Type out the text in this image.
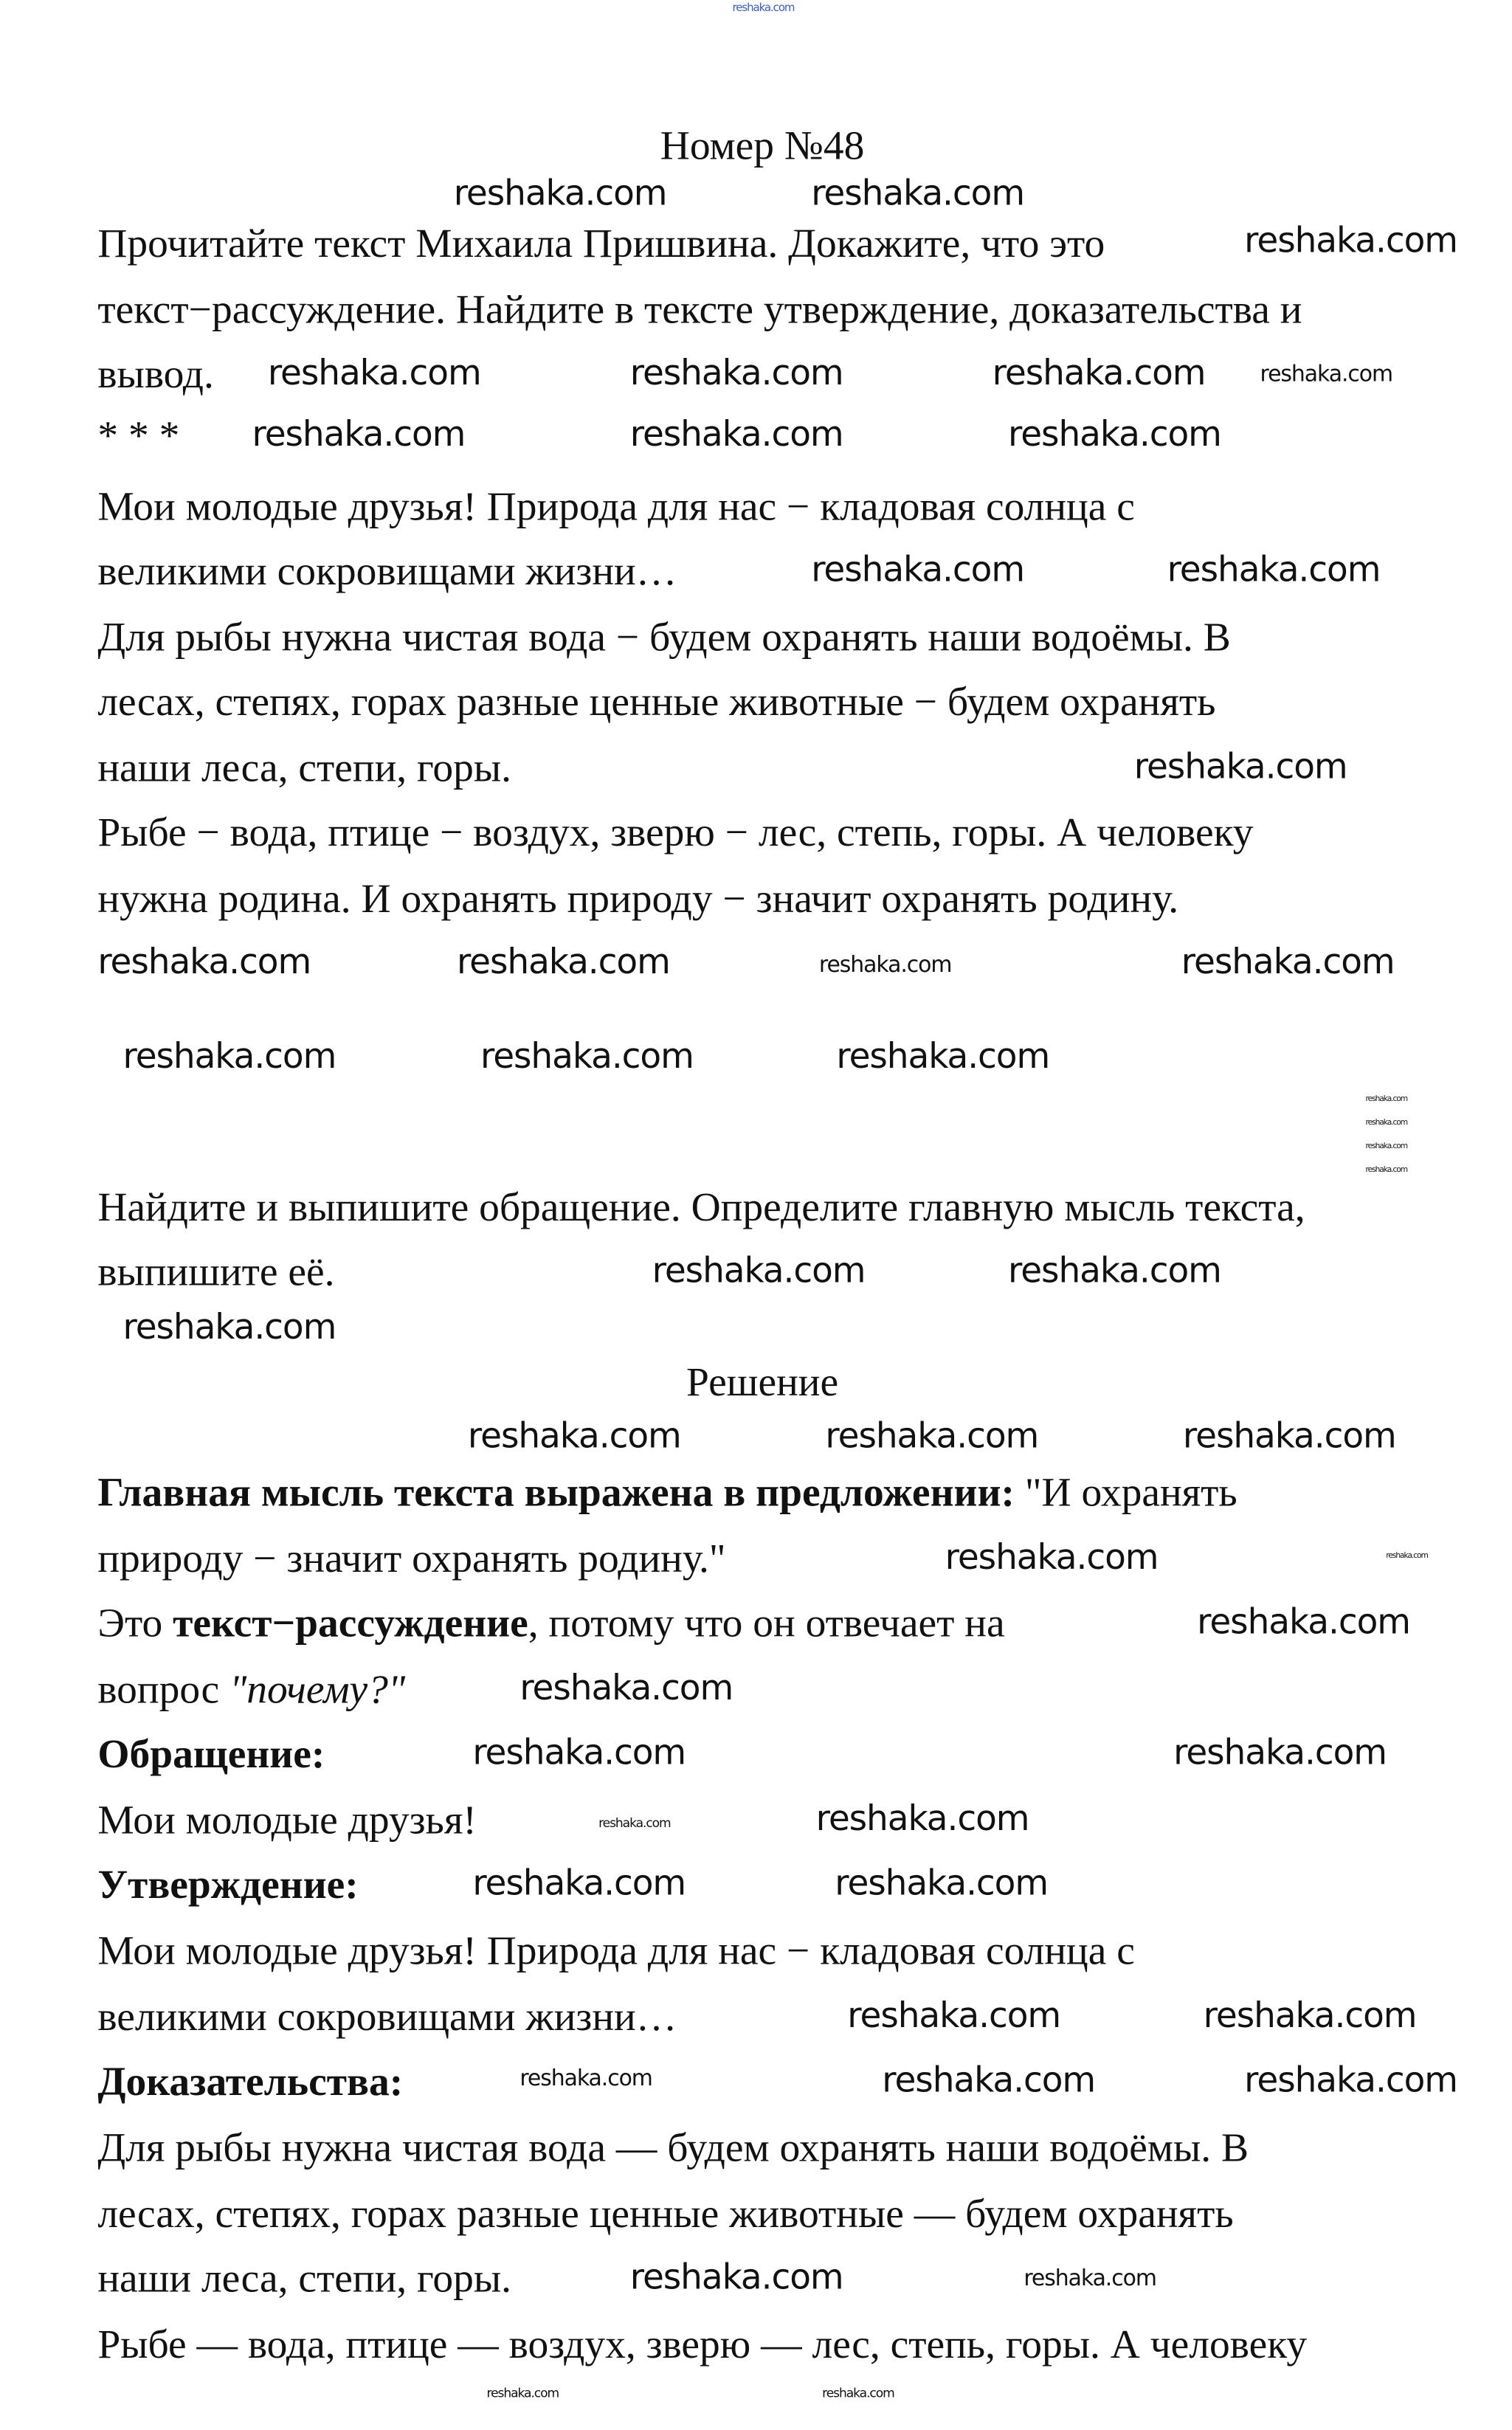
Номер №48
Прочитайте текст Михаила Пришвина. Докажите, что это
текст−рассуждение. Найдите в тексте утверждение, доказательства и
вывод.
* * *
Мои молодые друзья! Природа для нас − кладовая солнца с
великими сокровищами жизни…
Для рыбы нужна чистая вода − будем охранять наши водоёмы. В
лесах, степях, горах разные ценные животные − будем охранять
наши леса, степи, горы.
Рыбе − вода, птице − воздух, зверю − лес, степь, горы. А человеку
нужна родина. И охранять природу − значит охранять родину.
Найдите и выпишите обращение. Определите главную мысль текста,
выпишите её.
Решение
Главная мысль текста выражена в предложении: "И охранять
природу − значит охранять родину."
Это текст−рассуждение, потому что он отвечает на
вопрос "почему?"
Обращение:
Мои молодые друзья!
Утверждение:
Мои молодые друзья! Природа для нас − кладовая солнца с
великими сокровищами жизни…
Доказательства:
Для рыбы нужна чистая вода — будем охранять наши водоёмы. В
лесах, степях, горах разные ценные животные — будем охранять
наши леса, степи, горы.
Рыбе — вода, птице — воздух, зверю — лес, степь, горы. А человеку
reshaka.com
reshaka.com	reshaka.com
reshaka.com
reshaka.com	reshaka.com	reshaka.com	reshaka.com
reshaka.com	reshaka.com	reshaka.com
reshaka.com	reshaka.com
reshaka.com
reshaka.com	reshaka.com	reshaka.com	reshaka.com
reshaka.com	reshaka.com	reshaka.com
reshaka.com
reshaka.com
reshaka.com
reshaka.com
reshaka.com	reshaka.com
reshaka.com
reshaka.com	reshaka.com	reshaka.com
reshaka.com	reshaka.com
reshaka.com
reshaka.com
reshaka.com	reshaka.com
reshaka.com	reshaka.com
reshaka.com	reshaka.com
reshaka.com	reshaka.com
reshaka.com	reshaka.com	reshaka.com
reshaka.com	reshaka.com
reshaka.com	reshaka.com
